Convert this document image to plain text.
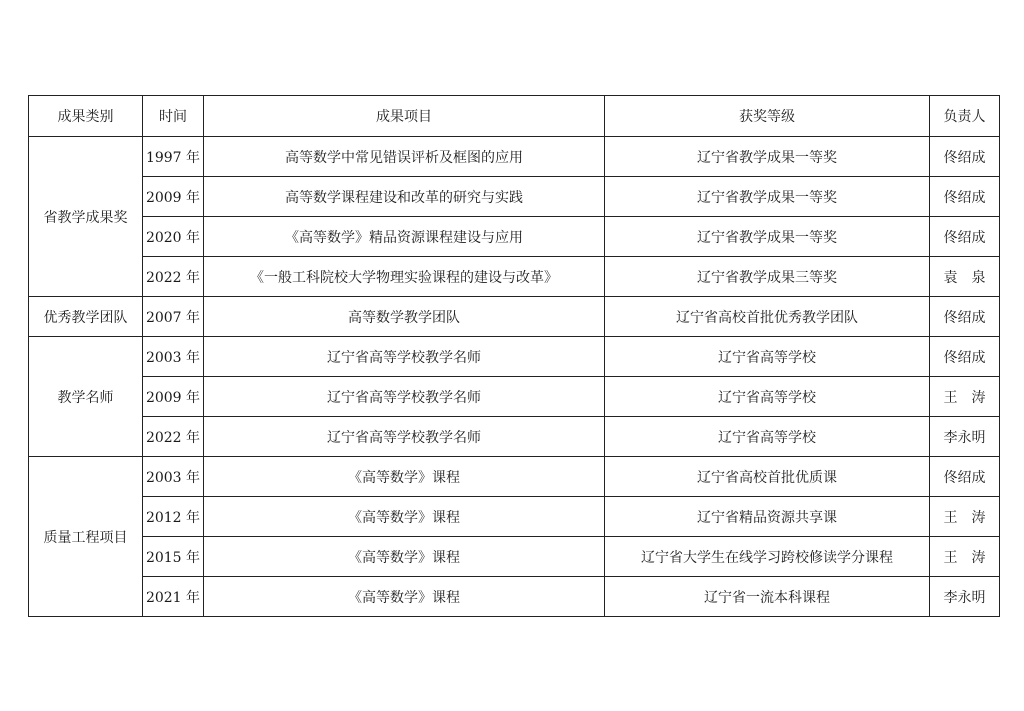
成果类别	时间	成果项目	获奖等级	负责人
省教学成果奖	1997 年	高等数学中常见错误评析及框图的应用	辽宁省教学成果一等奖	佟绍成
	2009 年	高等数学课程建设和改革的研究与实践	辽宁省教学成果一等奖	佟绍成
	2020 年	《高等数学》精品资源课程建设与应用	辽宁省教学成果一等奖	佟绍成
	2022 年	《一般工科院校大学物理实验课程的建设与改革》	辽宁省教学成果三等奖	袁　泉
优秀教学团队	2007 年	高等数学教学团队	辽宁省高校首批优秀教学团队	佟绍成
教学名师	2003 年	辽宁省高等学校教学名师	辽宁省高等学校	佟绍成
	2009 年	辽宁省高等学校教学名师	辽宁省高等学校	王　涛
	2022 年	辽宁省高等学校教学名师	辽宁省高等学校	李永明
质量工程项目	2003 年	《高等数学》课程	辽宁省高校首批优质课	佟绍成
	2012 年	《高等数学》课程	辽宁省精品资源共享课	王　涛
	2015 年	《高等数学》课程	辽宁省大学生在线学习跨校修读学分课程	王　涛
	2021 年	《高等数学》课程	辽宁省一流本科课程	李永明
